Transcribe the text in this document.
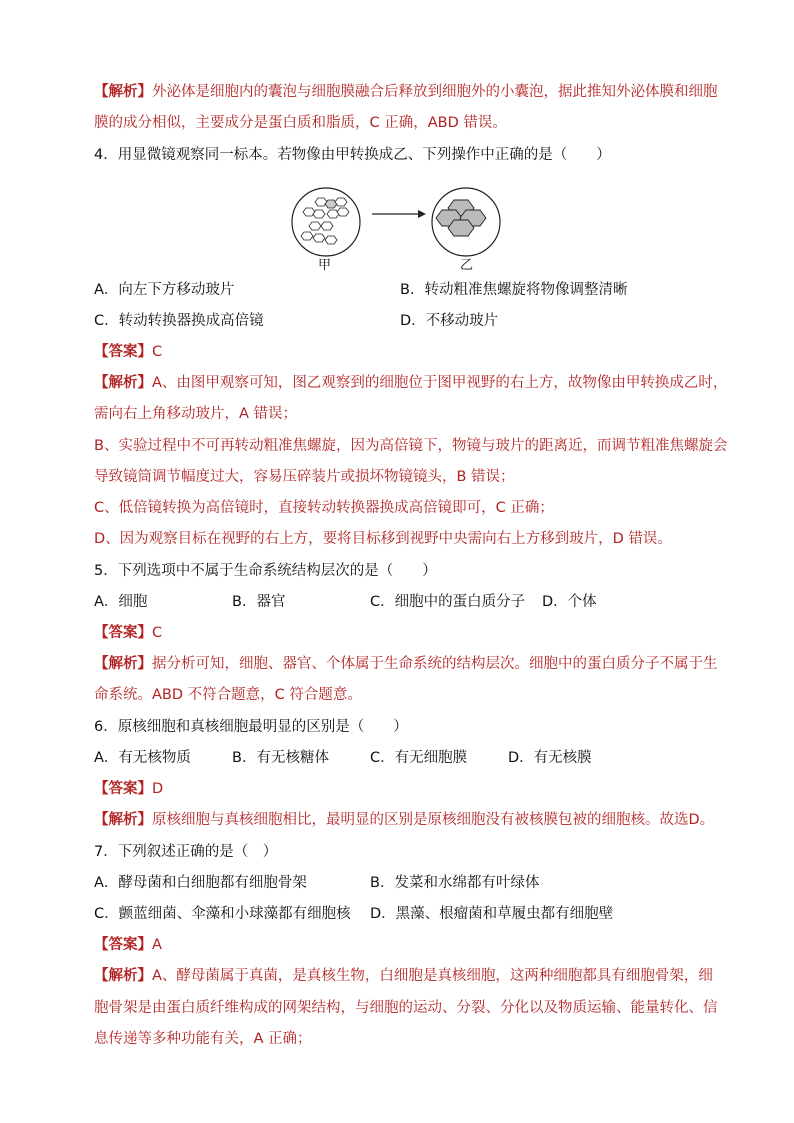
【解析】外泌体是细胞内的囊泡与细胞膜融合后释放到细胞外的小囊泡，据此推知外泌体膜和细胞
膜的成分相似，主要成分是蛋白质和脂质，C 正确，ABD 错误。
4．用显微镜观察同一标本。若物像由甲转换成乙、下列操作中正确的是（　　）
甲	乙
A．向左下方移动玻片	B．转动粗准焦螺旋将物像调整清晰
C．转动转换器换成高倍镜	D．不移动玻片
【答案】C
【解析】A、由图甲观察可知，图乙观察到的细胞位于图甲视野的右上方，故物像由甲转换成乙时，
需向右上角移动玻片，A 错误；
B、实验过程中不可再转动粗准焦螺旋，因为高倍镜下，物镜与玻片的距离近，而调节粗准焦螺旋会
导致镜筒调节幅度过大，容易压碎装片或损坏物镜镜头，B 错误；
C、低倍镜转换为高倍镜时，直接转动转换器换成高倍镜即可，C 正确；
D、因为观察目标在视野的右上方，要将目标移到视野中央需向右上方移到玻片，D 错误。
5．下列选项中不属于生命系统结构层次的是（　　）
A．细胞	B．器官	C．细胞中的蛋白质分子 D．个体
【答案】C
【解析】据分析可知，细胞、器官、个体属于生命系统的结构层次。细胞中的蛋白质分子不属于生
命系统。ABD 不符合题意，C 符合题意。
6．原核细胞和真核细胞最明显的区别是（　　）
A．有无核物质	B．有无核糖体	C．有无细胞膜	D．有无核膜
【答案】D
【解析】原核细胞与真核细胞相比，最明显的区别是原核细胞没有被核膜包被的细胞核。故选D。
7．下列叙述正确的是（　）
A．酵母菌和白细胞都有细胞骨架	B．发菜和水绵都有叶绿体
C．颤蓝细菌、伞藻和小球藻都有细胞核 D．黑藻、根瘤菌和草履虫都有细胞壁
【答案】A
【解析】A、酵母菌属于真菌，是真核生物，白细胞是真核细胞，这两种细胞都具有细胞骨架，细
胞骨架是由蛋白质纤维构成的网架结构，与细胞的运动、分裂、分化以及物质运输、能量转化、信
息传递等多种功能有关，A 正确；
